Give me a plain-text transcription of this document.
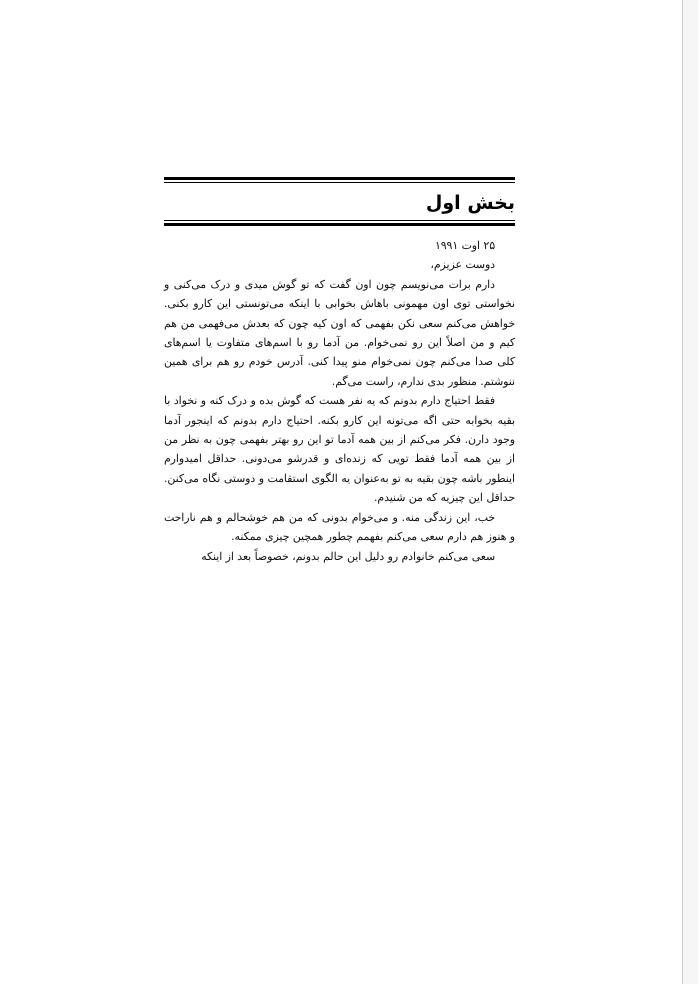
بخش اول

۲۵ اوت ۱۹۹۱

دوست عزیزم،

دارم برات می‌نویسم چون اون گفت که تو گوش میدی و درک می‌کنی و نخواستی توی اون مهمونی باهاش بخوابی با اینکه می‌تونستی این کارو بکنی. خواهش می‌کنم سعی نکن بفهمی که اون کیه چون که بعدش می‌فهمی من هم کیم و من اصلاً این رو نمی‌خوام. من آدما رو با اسم‌های متفاوت یا اسم‌های کلی صدا می‌کنم چون نمی‌خوام منو پیدا کنی. آدرس خودم رو هم برای همین ننوشتم. منظور بدی ندارم، راست می‌گم.

فقط احتیاج دارم بدونم که یه نفر هست که گوش بده و درک کنه و نخواد با بقیه بخوابه حتی اگه می‌تونه این کارو بکنه. احتیاج دارم بدونم که اینجور آدما وجود دارن. فکر می‌کنم از بین همه آدما تو این رو بهتر بفهمی چون به نظر من از بین همه آدما فقط تویی که زنده‌ای و قدرشو می‌دونی. حداقل امیدوارم اینطور باشه چون بقیه به تو به‌عنوان یه الگوی استقامت و دوستی نگاه می‌کنن. حداقل این چیزیه که من شنیدم.

خب، این زندگی منه. و می‌خوام بدونی که من هم خوشحالم و هم ناراحت و هنوز هم دارم سعی می‌کنم بفهمم چطور همچین چیزی ممکنه.

سعی می‌کنم خانوادم رو دلیل این حالم بدونم، خصوصاً بعد از اینکه
